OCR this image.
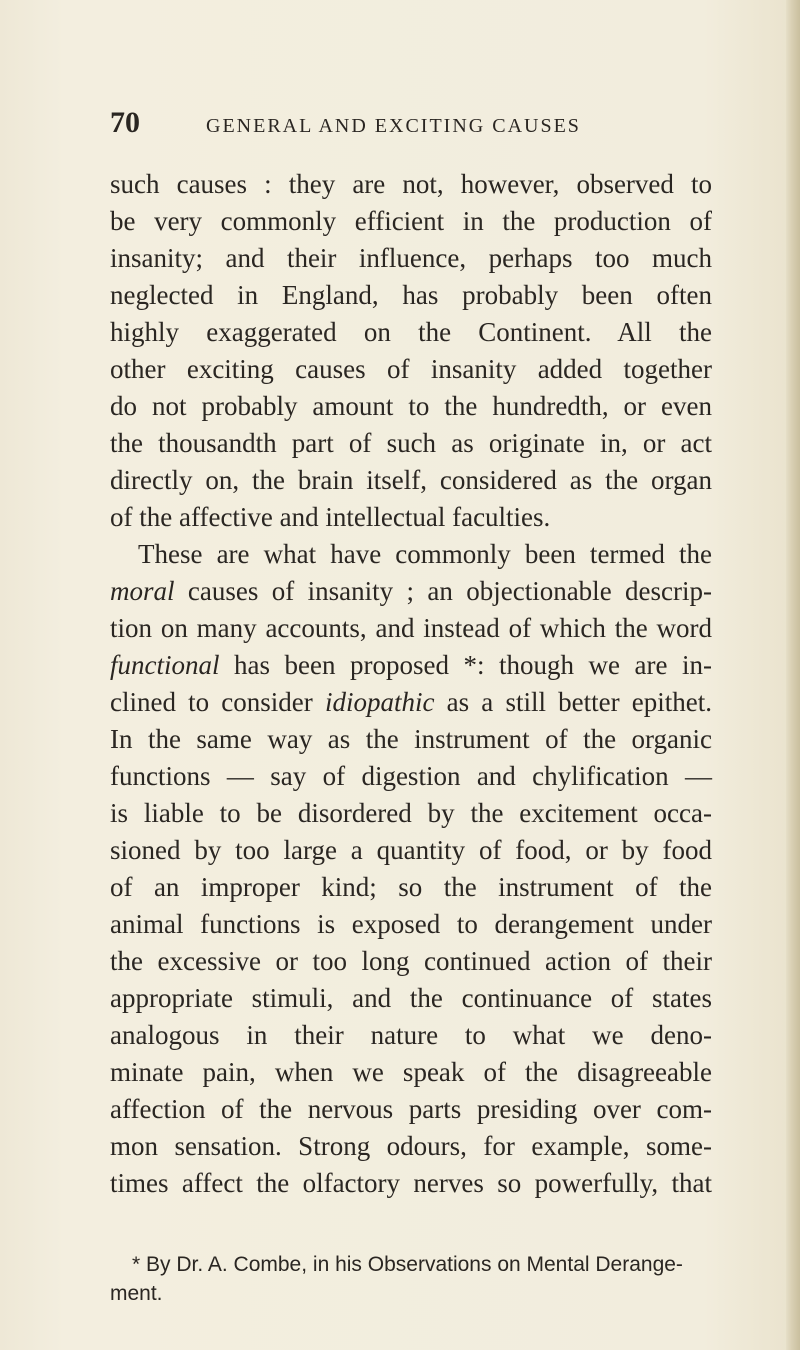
70	GENERAL AND EXCITING CAUSES
such causes : they are not, however, observed to
be very commonly efficient in the production of
insanity; and their influence, perhaps too much
neglected in England, has probably been often
highly exaggerated on the Continent. All the
other exciting causes of insanity added together
do not probably amount to the hundredth, or even
the thousandth part of such as originate in, or act
directly on, the brain itself, considered as the organ
of the affective and intellectual faculties.
These are what have commonly been termed the
moral causes of insanity ; an objectionable descrip-
tion on many accounts, and instead of which the word
functional has been proposed *: though we are in-
clined to consider idiopathic as a still better epithet.
In the same way as the instrument of the organic
functions — say of digestion and chylification —
is liable to be disordered by the excitement occa-
sioned by too large a quantity of food, or by food
of an improper kind; so the instrument of the
animal functions is exposed to derangement under
the excessive or too long continued action of their
appropriate stimuli, and the continuance of states
analogous in their nature to what we deno-
minate pain, when we speak of the disagreeable
affection of the nervous parts presiding over com-
mon sensation. Strong odours, for example, some-
times affect the olfactory nerves so powerfully, that
* By Dr. A. Combe, in his Observations on Mental Derange-
ment.
